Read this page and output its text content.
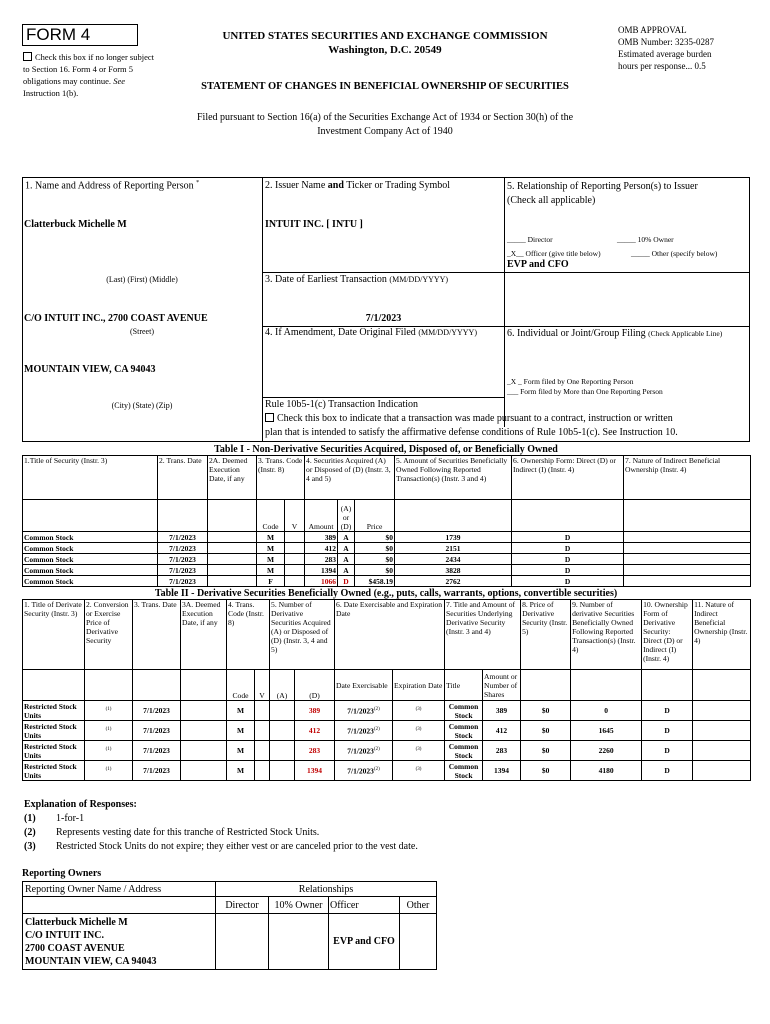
FORM 4
Check this box if no longer subject to Section 16. Form 4 or Form 5 obligations may continue. See Instruction 1(b).
UNITED STATES SECURITIES AND EXCHANGE COMMISSION
Washington, D.C. 20549
STATEMENT OF CHANGES IN BENEFICIAL OWNERSHIP OF SECURITIES
OMB APPROVAL
OMB Number: 3235-0287
Estimated average burden
hours per response... 0.5
Filed pursuant to Section 16(a) of the Securities Exchange Act of 1934 or Section 30(h) of the
Investment Company Act of 1940
1. Name and Address of Reporting Person *
Clatterbuck Michelle M
(Last) (First) (Middle)
C/O INTUIT INC., 2700 COAST AVENUE
(Street)
MOUNTAIN VIEW, CA 94043
(City) (State) (Zip)
2. Issuer Name and Ticker or Trading Symbol
INTUIT INC. [ INTU ]
3. Date of Earliest Transaction (MM/DD/YYYY)
7/1/2023
4. If Amendment, Date Original Filed (MM/DD/YYYY)
5. Relationship of Reporting Person(s) to Issuer
(Check all applicable)
_____ Director	_____ 10% Owner
_X__ Officer (give title below)	_____ Other (specify below)
EVP and CFO
6. Individual or Joint/Group Filing (Check Applicable Line)
_X _ Form filed by One Reporting Person
___ Form filed by More than One Reporting Person
Rule 10b5-1(c) Transaction Indication
Check this box to indicate that a transaction was made pursuant to a contract, instruction or written
plan that is intended to satisfy the affirmative defense conditions of Rule 10b5-1(c). See Instruction 10.
Table I - Non-Derivative Securities Acquired, Disposed of, or Beneficially Owned
1.Title of Security (Instr. 3)	2. Trans. Date	2A. Deemed Execution Date, if any	3. Trans. Code (Instr. 8)		4. Securities Acquired (A) or Disposed of (D) (Instr. 3, 4 and 5)			5. Amount of Securities Beneficially Owned Following Reported Transaction(s) (Instr. 3 and 4)	6. Ownership Form: Direct (D) or Indirect (I) (Instr. 4)	7. Nature of Indirect Beneficial Ownership (Instr. 4)
			Code	V	Amount	(A) or (D)	Price			
Common Stock	7/1/2023		M		389	A	$0	1739	D	
Common Stock	7/1/2023		M		412	A	$0	2151	D	
Common Stock	7/1/2023		M		283	A	$0	2434	D	
Common Stock	7/1/2023		M		1394	A	$0	3828	D	
Common Stock	7/1/2023		F		1066	D	$458.19	2762	D	
Table II - Derivative Securities Beneficially Owned (e.g., puts, calls, warrants, options, convertible securities)
1. Title of Derivate Security (Instr. 3)	2. Conversion or Exercise Price of Derivative Security	3. Trans. Date	3A. Deemed Execution Date, if any	4. Trans. Code (Instr. 8)		5. Number of Derivative Securities Acquired (A) or Disposed of (D) (Instr. 3, 4 and 5)		6. Date Exercisable and Expiration Date		7. Title and Amount of Securities Underlying Derivative Security (Instr. 3 and 4)		8. Price of Derivative Security (Instr. 5)	9. Number of derivative Securities Beneficially Owned Following Reported Transaction(s) (Instr. 4)	10. Ownership Form of Derivative Security: Direct (D) or Indirect (I) (Instr. 4)	11. Nature of Indirect Beneficial Ownership (Instr. 4)
				Code	V	(A)	(D)	Date Exercisable	Expiration Date	Title	Amount or Number of Shares				
Restricted Stock Units	$^{(1)}$	7/1/2023		M			389	7/1/2023$^{(2)}$	$^{(3)}$	Common Stock	389	$0	0	D	
Restricted Stock Units	$^{(1)}$	7/1/2023		M			412	7/1/2023$^{(2)}$	$^{(3)}$	Common Stock	412	$0	1645	D	
Restricted Stock Units	$^{(1)}$	7/1/2023		M			283	7/1/2023$^{(2)}$	$^{(3)}$	Common Stock	283	$0	2260	D	
Restricted Stock Units	$^{(1)}$	7/1/2023		M			1394	7/1/2023$^{(2)}$	$^{(3)}$	Common Stock	1394	$0	4180	D	
Explanation of Responses:
(1) 1-for-1
(2) Represents vesting date for this tranche of Restricted Stock Units.
(3) Restricted Stock Units do not expire; they either vest or are canceled prior to the vest date.
Reporting Owners
Reporting Owner Name / Address	Relationships			
	Director	10% Owner	Officer	Other

Clatterbuck Michelle M
C/O INTUIT INC.
2700 COAST AVENUE
MOUNTAIN VIEW, CA 94043			EVP and CFO	
